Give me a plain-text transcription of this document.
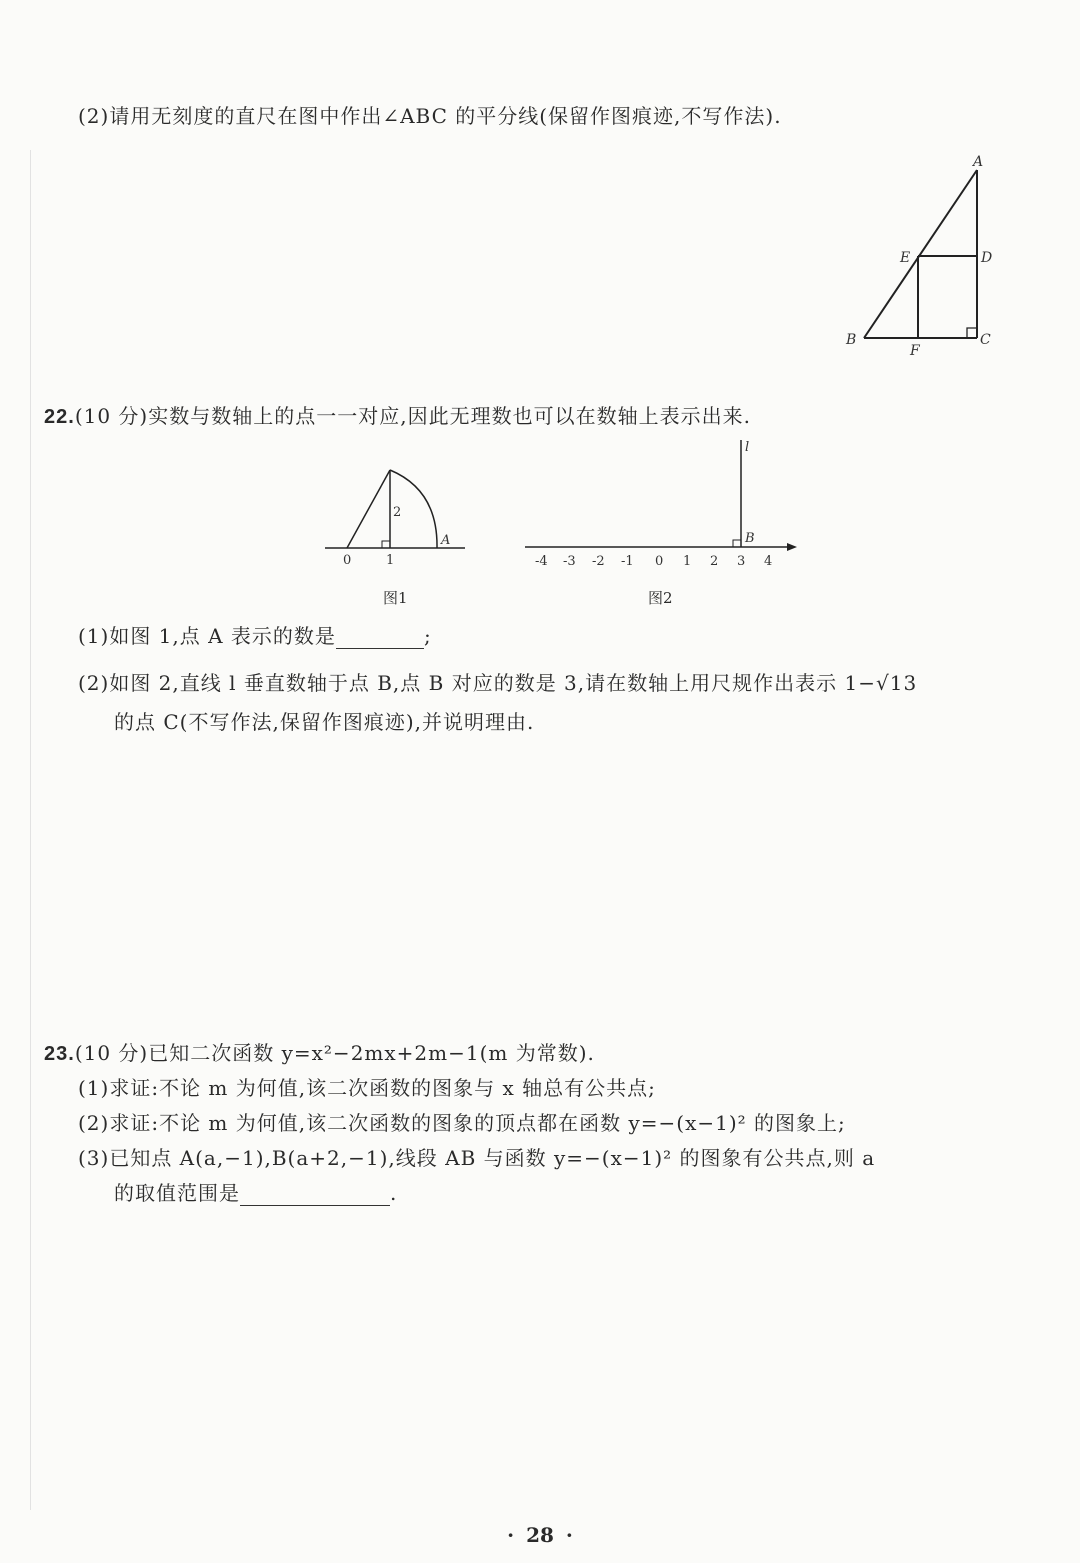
(2)请用无刻度的直尺在图中作出∠ABC 的平分线(保留作图痕迹,不写作法).
A
B	C
D
E
F
22.(10 分)实数与数轴上的点一一对应,因此无理数也可以在数轴上表示出来.
0	1
2
A
图1
l
B
-4 -3 -2 -1 0 1 2 3 4
图2
(1)如图 1,点 A 表示的数是	;
(2)如图 2,直线 l 垂直数轴于点 B,点 B 对应的数是 3,请在数轴上用尺规作出表示 1−√13
的点 C(不写作法,保留作图痕迹),并说明理由.
23.(10 分)已知二次函数 y=x²−2mx+2m−1(m 为常数).
(1)求证:不论 m 为何值,该二次函数的图象与 x 轴总有公共点;
(2)求证:不论 m 为何值,该二次函数的图象的顶点都在函数 y=−(x−1)² 的图象上;
(3)已知点 A(a,−1),B(a+2,−1),线段 AB 与函数 y=−(x−1)² 的图象有公共点,则 a
的取值范围是	.
· 28 ·
